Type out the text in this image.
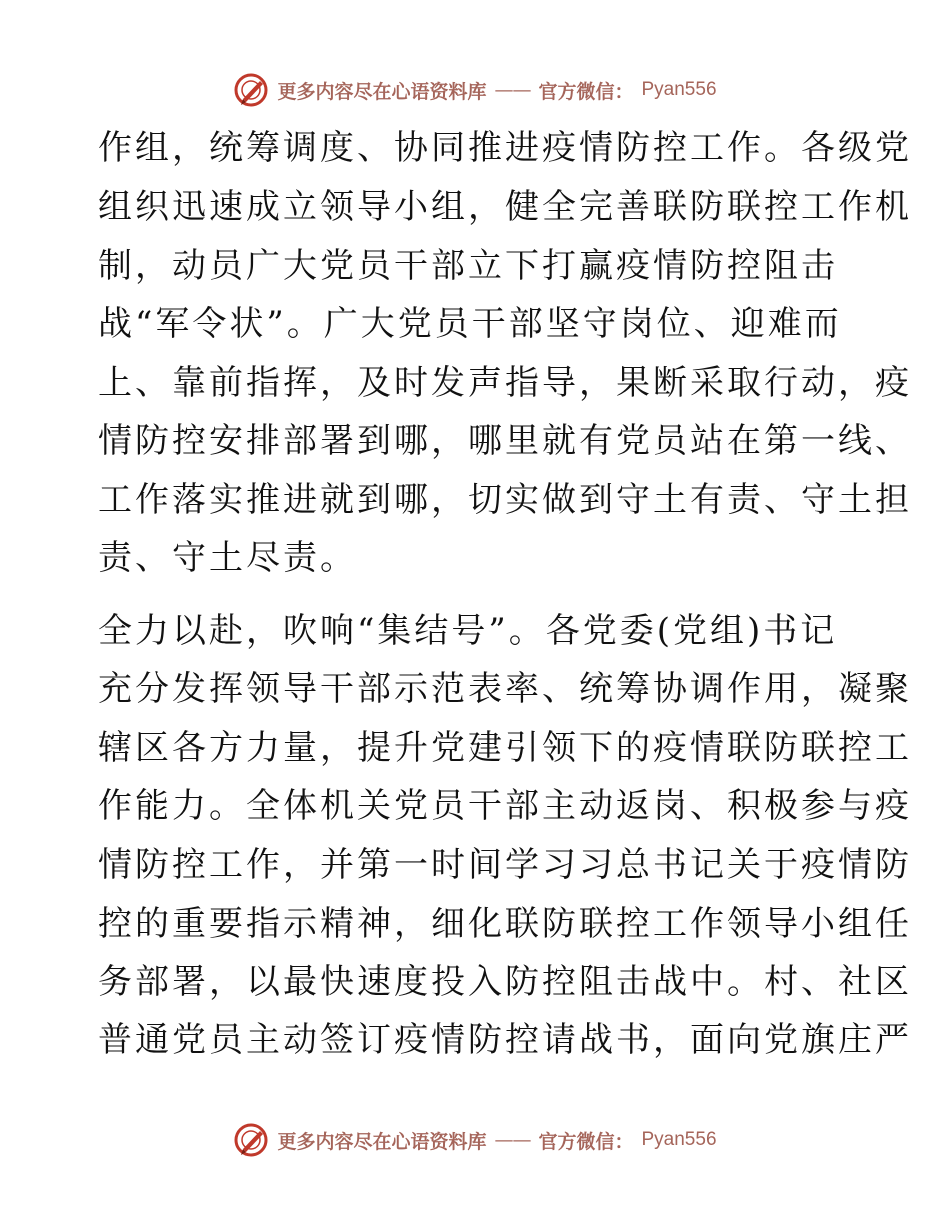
更多内容尽在心语资料库 —— 官方微信： Pyan556
作组，统筹调度、协同推进疫情防控工作。各级党
组织迅速成立领导小组，健全完善联防联控工作机
制，动员广大党员干部立下打赢疫情防控阻击
战“军令状”。广大党员干部坚守岗位、迎难而
上、靠前指挥，及时发声指导，果断采取行动，疫
情防控安排部署到哪，哪里就有党员站在第一线、
工作落实推进就到哪，切实做到守土有责、守土担
责、守土尽责。
全力以赴，吹响“集结号”。各党委(党组)书记
充分发挥领导干部示范表率、统筹协调作用，凝聚
辖区各方力量，提升党建引领下的疫情联防联控工
作能力。全体机关党员干部主动返岗、积极参与疫
情防控工作，并第一时间学习习总书记关于疫情防
控的重要指示精神，细化联防联控工作领导小组任
务部署，以最快速度投入防控阻击战中。村、社区
普通党员主动签订疫情防控请战书，面向党旗庄严
更多内容尽在心语资料库 —— 官方微信： Pyan556
